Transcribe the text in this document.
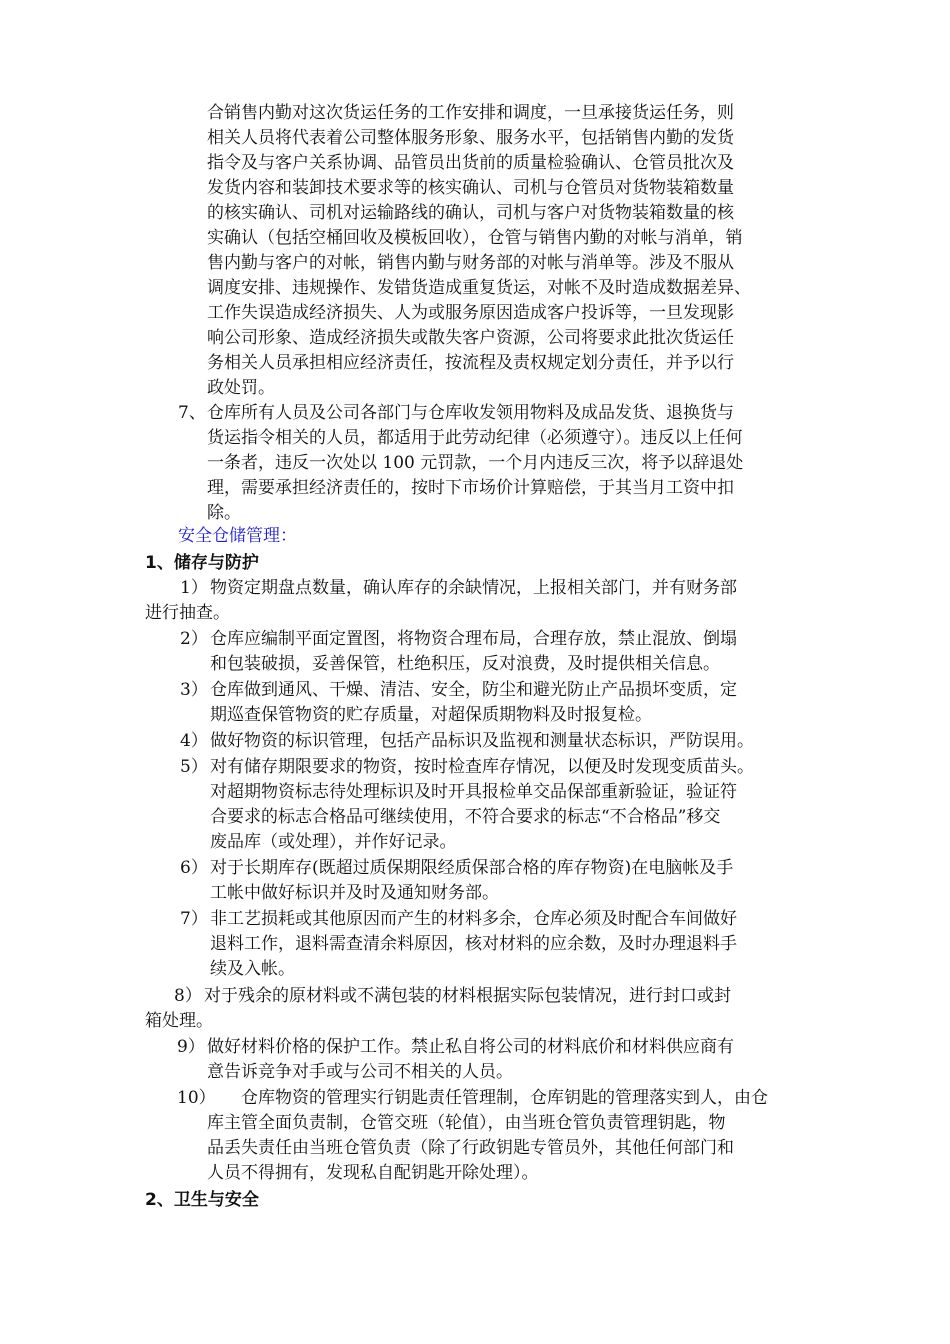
合销售内勤对这次货运任务的工作安排和调度，一旦承接货运任务，则
相关人员将代表着公司整体服务形象、服务水平，包括销售内勤的发货
指令及与客户关系协调、品管员出货前的质量检验确认、仓管员批次及
发货内容和装卸技术要求等的核实确认、司机与仓管员对货物装箱数量
的核实确认、司机对运输路线的确认，司机与客户对货物装箱数量的核
实确认（包括空桶回收及模板回收），仓管与销售内勤的对帐与消单，销
售内勤与客户的对帐，销售内勤与财务部的对帐与消单等。涉及不服从
调度安排、违规操作、发错货造成重复货运，对帐不及时造成数据差异、
工作失误造成经济损失、人为或服务原因造成客户投诉等，一旦发现影
响公司形象、造成经济损失或散失客户资源，公司将要求此批次货运任
务相关人员承担相应经济责任，按流程及责权规定划分责任，并予以行
政处罚。
7、 仓库所有人员及公司各部门与仓库收发领用物料及成品发货、退换货与
货运指令相关的人员，都适用于此劳动纪律（必须遵守）。违反以上任何
一条者，违反一次处以 100 元罚款，一个月内违反三次，将予以辞退处
理，需要承担经济责任的，按时下市场价计算赔偿，于其当月工资中扣
除。
安全仓储管理：
1、储存与防护
1） 物资定期盘点数量，确认库存的余缺情况，上报相关部门，并有财务部
进行抽查。
2） 仓库应编制平面定置图，将物资合理布局，合理存放，禁止混放、倒塌
和包装破损，妥善保管，杜绝积压，反对浪费，及时提供相关信息。
3） 仓库做到通风、干燥、清洁、安全，防尘和避光防止产品损坏变质，定
期巡查保管物资的贮存质量，对超保质期物料及时报复检。
4） 做好物资的标识管理，包括产品标识及监视和测量状态标识，严防误用。
5） 对有储存期限要求的物资，按时检查库存情况，以便及时发现变质苗头。
对超期物资标志待处理标识及时开具报检单交品保部重新验证，验证符
合要求的标志合格品可继续使用，不符合要求的标志“不合格品”移交
废品库（或处理），并作好记录。
6） 对于长期库存(既超过质保期限经质保部合格的库存物资)在电脑帐及手
工帐中做好标识并及时及通知财务部。
7） 非工艺损耗或其他原因而产生的材料多余，仓库必须及时配合车间做好
退料工作，退料需查清余料原因，核对材料的应余数，及时办理退料手
续及入帐。
8） 对于残余的原材料或不满包装的材料根据实际包装情况，进行封口或封
箱处理。
9） 做好材料价格的保护工作。禁止私自将公司的材料底价和材料供应商有
意告诉竞争对手或与公司不相关的人员。
10） 仓库物资的管理实行钥匙责任管理制，仓库钥匙的管理落实到人，由仓
库主管全面负责制，仓管交班（轮值），由当班仓管负责管理钥匙，物
品丢失责任由当班仓管负责（除了行政钥匙专管员外，其他任何部门和
人员不得拥有，发现私自配钥匙开除处理）。
2、卫生与安全
